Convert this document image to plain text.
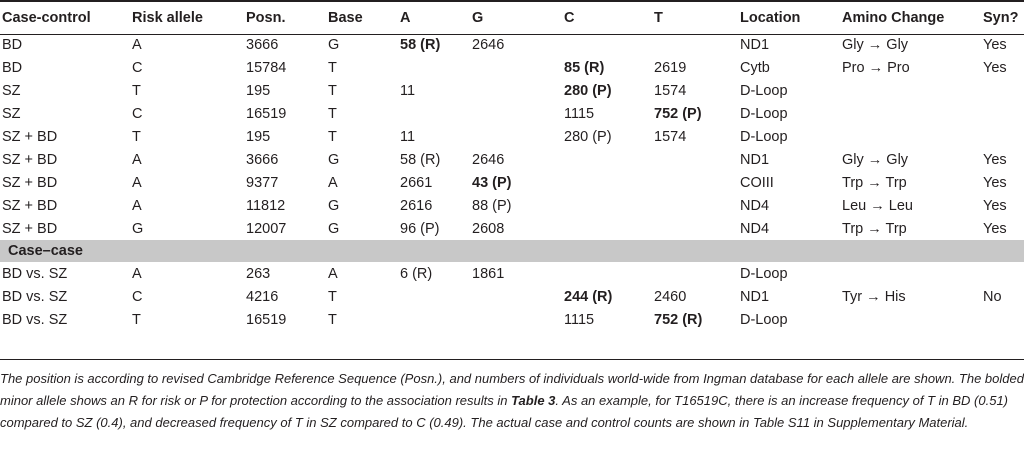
Case-control	Risk allele	Posn.	Base	A	G	C	T	Location	Amino Change	Syn?
BD	A	3666	G	58 (R)	2646			ND1	Gly → Gly	Yes
BD	C	15784	T			85 (R)	2619	Cytb	Pro → Pro	Yes
SZ	T	195	T	11		280 (P)	1574	D-Loop		
SZ	C	16519	T			1115	752 (P)	D-Loop		
SZ + BD	T	195	T	11		280 (P)	1574	D-Loop		
SZ + BD	A	3666	G	58 (R)	2646			ND1	Gly → Gly	Yes
SZ + BD	A	9377	A	2661	43 (P)			COIII	Trp → Trp	Yes
SZ + BD	A	11812	G	2616	88 (P)			ND4	Leu → Leu	Yes
SZ + BD	G	12007	G	96 (P)	2608			ND4	Trp → Trp	Yes
Case–case										
BD vs. SZ	A	263	A	6 (R)	1861			D-Loop		
BD vs. SZ	C	4216	T			244 (R)	2460	ND1	Tyr → His	No
BD vs. SZ	T	16519	T			1115	752 (R)	D-Loop		

The position is according to revised Cambridge Reference Sequence (Posn.), and numbers of individuals world-wide from Ingman database for each allele are shown. The bolded minor allele shows an R for risk or P for protection according to the association results in Table 3. As an example, for T16519C, there is an increase frequency of T in BD (0.51) compared to SZ (0.4), and decreased frequency of T in SZ compared to C (0.49). The actual case and control counts are shown in Table S11 in Supplementary Material.
